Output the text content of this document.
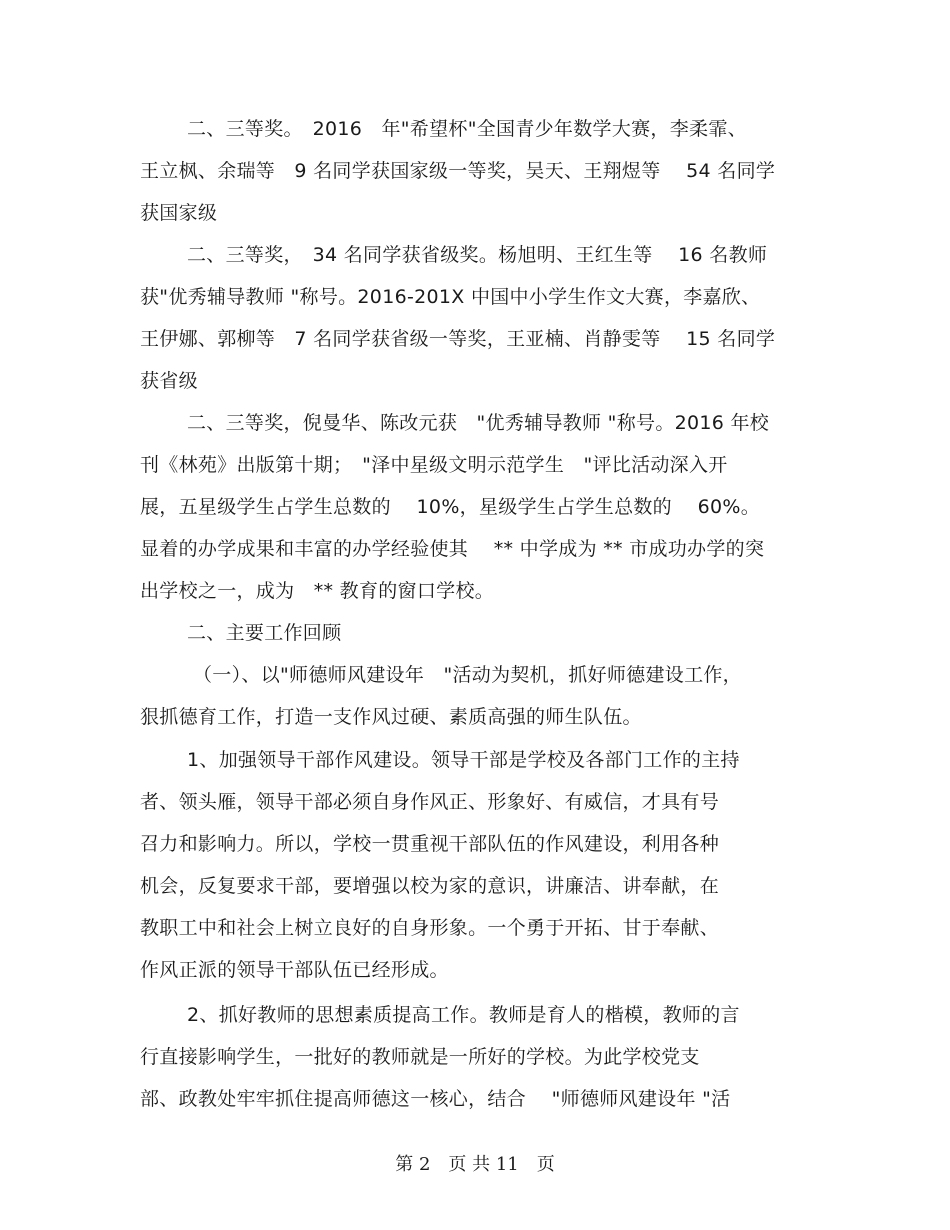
二、三等奖。　2016　年"希望杯"全国青少年数学大赛，李柔霏、
王立枫、余瑞等　9 名同学获国家级一等奖，吴天、王翔煜等　 54 名同学
获国家级
二、三等奖，　34 名同学获省级奖。杨旭明、王红生等　 16 名教师
获"优秀辅导教师 "称号。2016-201X 中国中小学生作文大赛，李嘉欣、
王伊娜、郭柳等　7 名同学获省级一等奖，王亚楠、肖静雯等　 15 名同学
获省级
二、三等奖，倪曼华、陈改元获　"优秀辅导教师 "称号。2016 年校
刊《林苑》出版第十期；　"泽中星级文明示范学生　"评比活动深入开
展，五星级学生占学生总数的　 10%，星级学生占学生总数的　 60%。
显着的办学成果和丰富的办学经验使其　 ** 中学成为 ** 市成功办学的突
出学校之一，成为　** 教育的窗口学校。
二、主要工作回顾
（一）、以"师德师风建设年　"活动为契机，抓好师德建设工作，
狠抓德育工作，打造一支作风过硬、素质高强的师生队伍。
1、加强领导干部作风建设。领导干部是学校及各部门工作的主持
者、领头雁，领导干部必须自身作风正、形象好、有威信，才具有号
召力和影响力。所以，学校一贯重视干部队伍的作风建设，利用各种
机会，反复要求干部，要增强以校为家的意识，讲廉洁、讲奉献，在
教职工中和社会上树立良好的自身形象。一个勇于开拓、甘于奉献、
作风正派的领导干部队伍已经形成。
2、抓好教师的思想素质提高工作。教师是育人的楷模，教师的言
行直接影响学生，一批好的教师就是一所好的学校。为此学校党支
部、政教处牢牢抓住提高师德这一核心，结合　 "师德师风建设年 "活
第 2　页 共 11　页
